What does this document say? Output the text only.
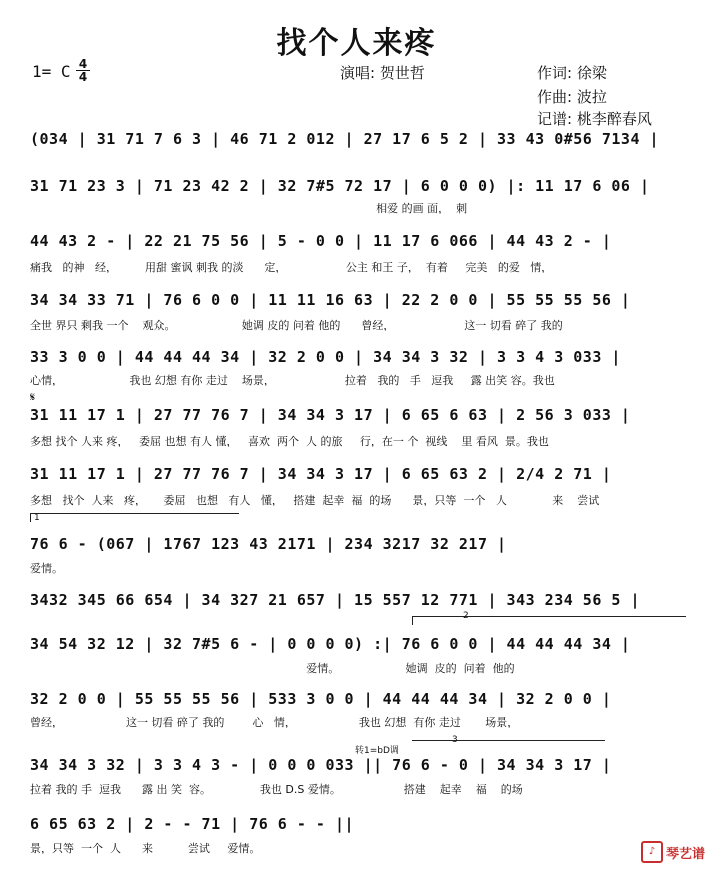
找个人来疼
1= C 4
4	演唱: 贺世哲	作词: 徐梁
作曲: 波拉
记谱: 桃李醉春风
(034 | 31 71 7 6 3 | 46 71 2 012 | 27 17 6 5 2 | 33 43 0#56 7134 |
31 71 23 3 | 71 23 42 2 | 32 7#5 72 17 | 6 0 0 0) |: 11 17 6 06 |
相爱 的画 面，  刺
44 43 2 - | 22 21 75 56 | 5 - 0 0 | 11 17 6 066 | 44 43 2 - |
痛我   的神   经，        用甜 蜜讽 刺我 的淡      定，                 公主 和王 子，  有着     完美   的爱   情，
34 34 33 71 | 76 6 0 0 | 11 11 16 63 | 22 2 0 0 | 55 55 55 56 |
全世 界只 剩我 一个    观众。                   她调 皮的 问着 他的      曾经，                    这一 切看 碎了 我的
33 3 0 0 | 44 44 44 34 | 32 2 0 0 | 34 34 3 32 | 3 3 4 3 033 |
心情，                   我也 幻想 有你 走过    场景，                    拉着   我的   手   逗我     露 出笑 容。我也
𝄋
31 11 17 1 | 27 77 76 7 | 34 34 3 17 | 6 65 6 63 | 2 56 3 033 |
多想 找个 人来 疼，   委屈 也想 有人 懂，   喜欢  两个  人 的旅     行，在一 个  视线    里 看风  景。我也
31 11 17 1 | 27 77 76 7 | 34 34 3 17 | 6 65 63 2 | 2/4 2 71 |
多想   找个  人来   疼，     委屈   也想   有人   懂，   搭建  起幸  福  的场      景，只等  一个   人             来    尝试
1
76 6 - (067 | 1767 123 43 2171 | 234 3217 32 217 |
爱情。
3432 345 66 654 | 34 327 21 657 | 15 557 12 771 | 343 234 56 5 |
2
34 54 32 12 | 32 7#5 6 - | 0 0 0 0) :| 76 6 0 0 | 44 44 44 34 |
爱情。                   她调  皮的  问着  他的
32 2 0 0 | 55 55 55 56 | 533 3 0 0 | 44 44 44 34 | 32 2 0 0 |
曾经，                  这一 切看 碎了 我的        心   情，                  我也 幻想  有你 走过       场景，
转1=bD调
3
34 34 3 32 | 3 3 4 3 - | 0 0 0 033 || 76 6 - 0 | 34 34 3 17 |
拉着 我的 手  逗我      露 出 笑  容。              我也 D.S 爱情。                  搭建    起幸    福    的场
6 65 63 2 | 2 - - 71 | 76 6 - - ||
景，只等  一个  人      来          尝试     爱情。	♪ 琴艺谱
